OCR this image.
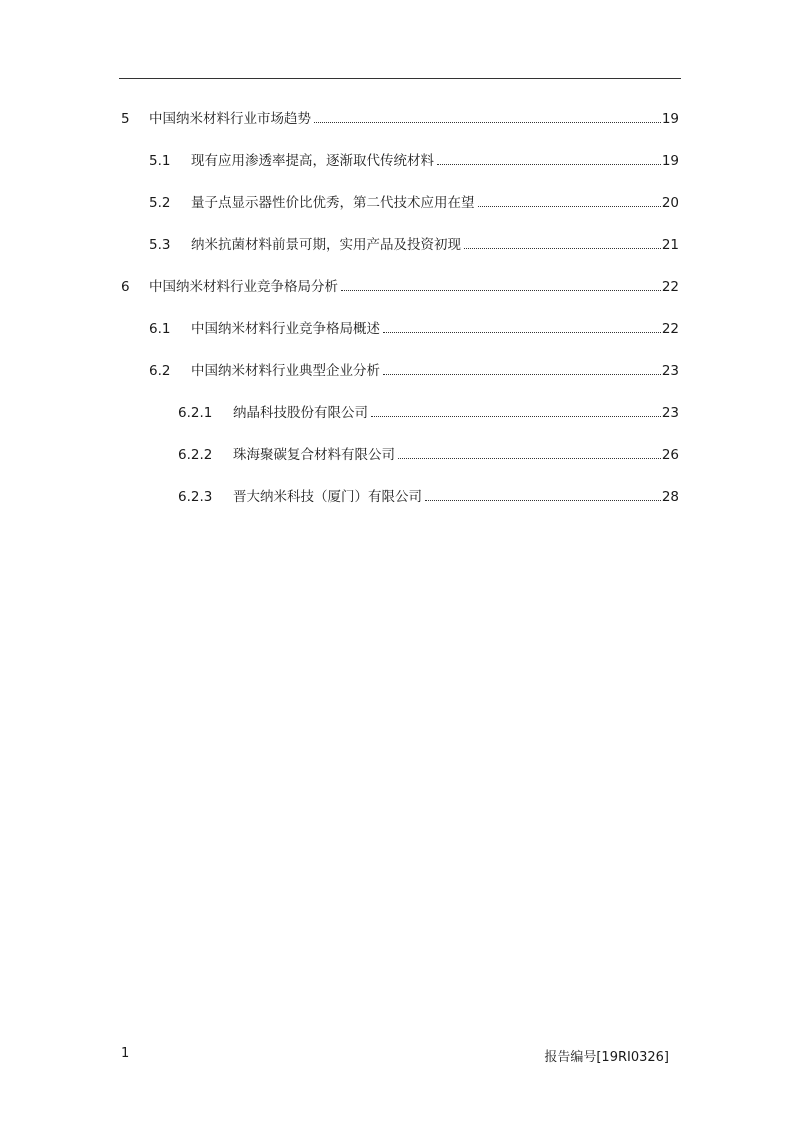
5	中国纳米材料行业市场趋势	19
5.1	现有应用渗透率提高，逐渐取代传统材料	19
5.2	量子点显示器性价比优秀，第二代技术应用在望	20
5.3	纳米抗菌材料前景可期，实用产品及投资初现	21
6	中国纳米材料行业竞争格局分析	22
6.1	中国纳米材料行业竞争格局概述	22
6.2	中国纳米材料行业典型企业分析	23
6.2.1	纳晶科技股份有限公司	23
6.2.2	珠海聚碳复合材料有限公司	26
6.2.3	晋大纳米科技（厦门）有限公司	28
1	报告编号[19RI0326]
